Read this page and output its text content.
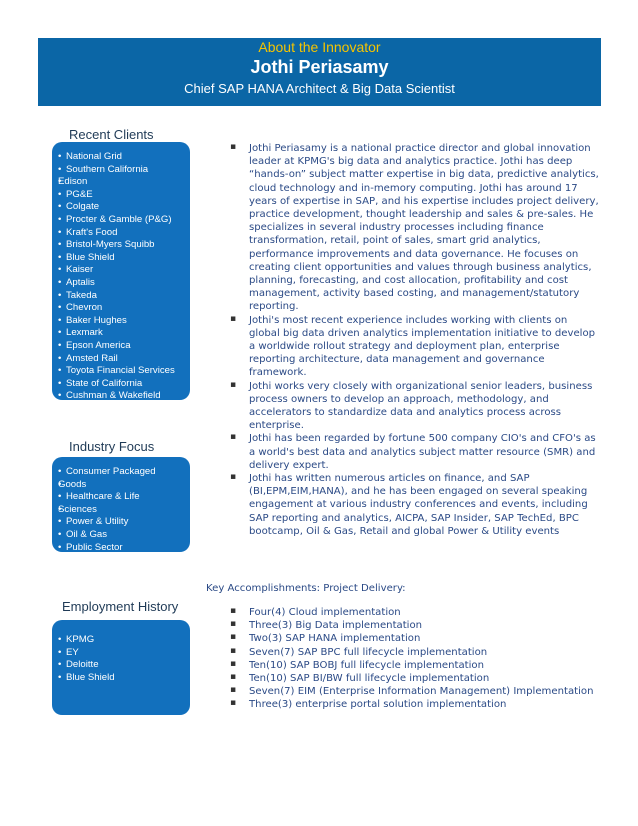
About the Innovator
Jothi Periasamy
Chief SAP HANA Architect & Big Data Scientist
Recent Clients
• National Grid
• Southern California
• Edison
• PG&E
• Colgate
• Procter & Gamble (P&G)
• Kraft's Food
• Bristol-Myers Squibb
• Blue Shield
• Kaiser
• Aptalis
• Takeda
• Chevron
• Baker Hughes
• Lexmark
• Epson America
• Amsted Rail
• Toyota Financial Services
• State of California
• Cushman & Wakefield
• Beam Global
Industry Focus
• Consumer Packaged
• Goods
• Healthcare & Life
• Sciences
• Power & Utility
• Oil & Gas
• Public Sector
Employment History
• KPMG
• EY
• Deloitte
• Blue Shield
▪ Jothi Periasamy is a national practice director and global innovation leader at KPMG's big data and analytics practice. Jothi has deep “hands-on” subject matter expertise in big data, predictive analytics, cloud technology and in-memory computing. Jothi has around 17 years of expertise in SAP, and his expertise includes project delivery, practice development, thought leadership and sales & pre-sales. He specializes in several industry processes including finance transformation, retail, point of sales, smart grid analytics, performance improvements and data governance. He focuses on creating client opportunities and values through business analytics, planning, forecasting, and cost allocation, profitability and cost management, activity based costing, and management/statutory reporting.
▪ Jothi's most recent experience includes working with clients on global big data driven analytics implementation initiative to develop a worldwide rollout strategy and deployment plan, enterprise reporting architecture, data management and governance framework.
▪ Jothi works very closely with organizational senior leaders, business process owners to develop an approach, methodology, and accelerators to standardize data and analytics process across enterprise.
▪ Jothi has been regarded by fortune 500 company CIO's and CFO's as a world's best data and analytics subject matter resource (SMR) and delivery expert.
▪ Jothi has written numerous articles on finance, and SAP (BI,EPM,EIM,HANA), and he has been engaged on several speaking engagement at various industry conferences and events, including SAP reporting and analytics, AICPA, SAP Insider, SAP TechEd, BPC bootcamp, Oil & Gas, Retail and global Power & Utility events
Key Accomplishments: Project Delivery:
▪ Four(4) Cloud implementation
▪ Three(3) Big Data implementation
▪ Two(3) SAP HANA implementation
▪ Seven(7) SAP BPC full lifecycle implementation
▪ Ten(10) SAP BOBJ full lifecycle implementation
▪ Ten(10) SAP BI/BW full lifecycle implementation
▪ Seven(7) EIM (Enterprise Information Management) Implementation
▪ Three(3) enterprise portal solution implementation
